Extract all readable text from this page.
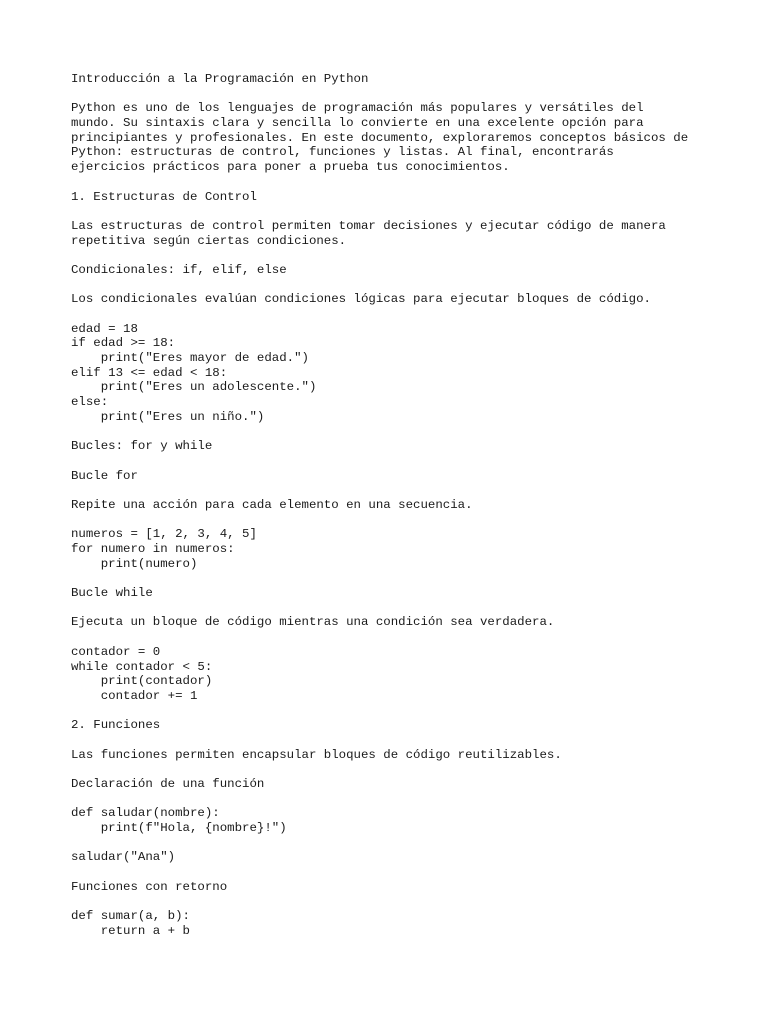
Introducción a la Programación en Python
Python es uno de los lenguajes de programación más populares y versátiles del
mundo. Su sintaxis clara y sencilla lo convierte en una excelente opción para
principiantes y profesionales. En este documento, exploraremos conceptos básicos de
Python: estructuras de control, funciones y listas. Al final, encontrarás
ejercicios prácticos para poner a prueba tus conocimientos.
1. Estructuras de Control
Las estructuras de control permiten tomar decisiones y ejecutar código de manera
repetitiva según ciertas condiciones.
Condicionales: if, elif, else
Los condicionales evalúan condiciones lógicas para ejecutar bloques de código.
edad = 18
if edad >= 18:
print("Eres mayor de edad.")
elif 13 <= edad < 18:
print("Eres un adolescente.")
else:
print("Eres un niño.")
Bucles: for y while
Bucle for
Repite una acción para cada elemento en una secuencia.
numeros = [1, 2, 3, 4, 5]
for numero in numeros:
print(numero)
Bucle while
Ejecuta un bloque de código mientras una condición sea verdadera.
contador = 0
while contador < 5:
print(contador)
contador += 1
2. Funciones
Las funciones permiten encapsular bloques de código reutilizables.
Declaración de una función
def saludar(nombre):
print(f"Hola, {nombre}!")
saludar("Ana")
Funciones con retorno
def sumar(a, b):
return a + b
